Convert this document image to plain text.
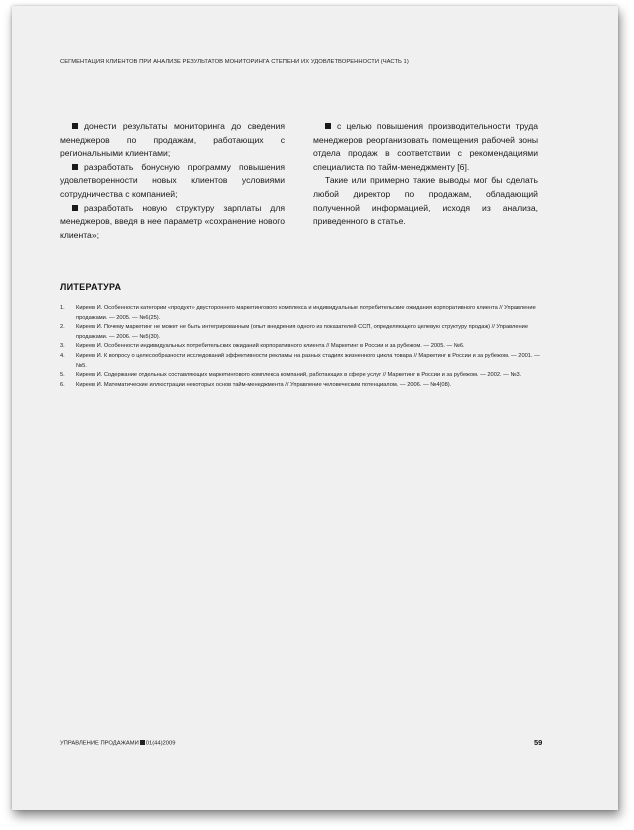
СЕГМЕНТАЦИЯ КЛИЕНТОВ ПРИ АНАЛИЗЕ РЕЗУЛЬТАТОВ МОНИТОРИНГА СТЕПЕНИ ИХ УДОВЛЕТВОРЕННОСТИ (ЧАСТЬ 1)

донести результаты мониторинга до сведения менеджеров по продажам, работающих с региональными клиентами;

разработать бонусную программу повышения удовлетворенности новых клиентов условиями сотрудничества с компанией;

разработать новую структуру зарплаты для менеджеров, введя в нее параметр «сохранение нового клиента»;

с целью повышения производительности труда менеджеров реорганизовать помещения рабочей зоны отдела продаж в соответствии с рекомендациями специалиста по тайм-менеджменту [6].

Такие или примерно такие выводы мог бы сделать любой директор по продажам, обладающий полученной информацией, исходя из анализа, приведенного в статье.

ЛИТЕРАТУРА
1. Киреев И. Особенности категории «продукт» двустороннего маркетингового комплекса и индивидуальные потребительские ожидания корпоративного клиента // Управление продажами. — 2005. — №6(25).
2. Киреев И. Почему маркетинг не может не быть интегрированным (опыт внедрения одного из показателей ССП, определяющего целевую структуру продаж) // Управление продажами. — 2006. — №5(30).
3. Киреев И. Особенности индивидуальных потребительских ожиданий корпоративного клиента // Маркетинг в России и за рубежом. — 2005. — №6.
4. Киреев И. К вопросу о целесообразности исследований эффективности рекламы на разных стадиях жизненного цикла товара // Маркетинг в России и за рубежом. — 2001. — №5.
5. Киреев И. Содержание отдельных составляющих маркетингового комплекса компаний, работающих в сфере услуг // Маркетинг в России и за рубежом. — 2002. — №3.
6. Киреев И. Математические иллюстрации некоторых основ тайм-менеджмента // Управление человеческим потенциалом. — 2006. — №4(08).
УПРАВЛЕНИЕ ПРОДАЖАМИ 01(44)2009	59
